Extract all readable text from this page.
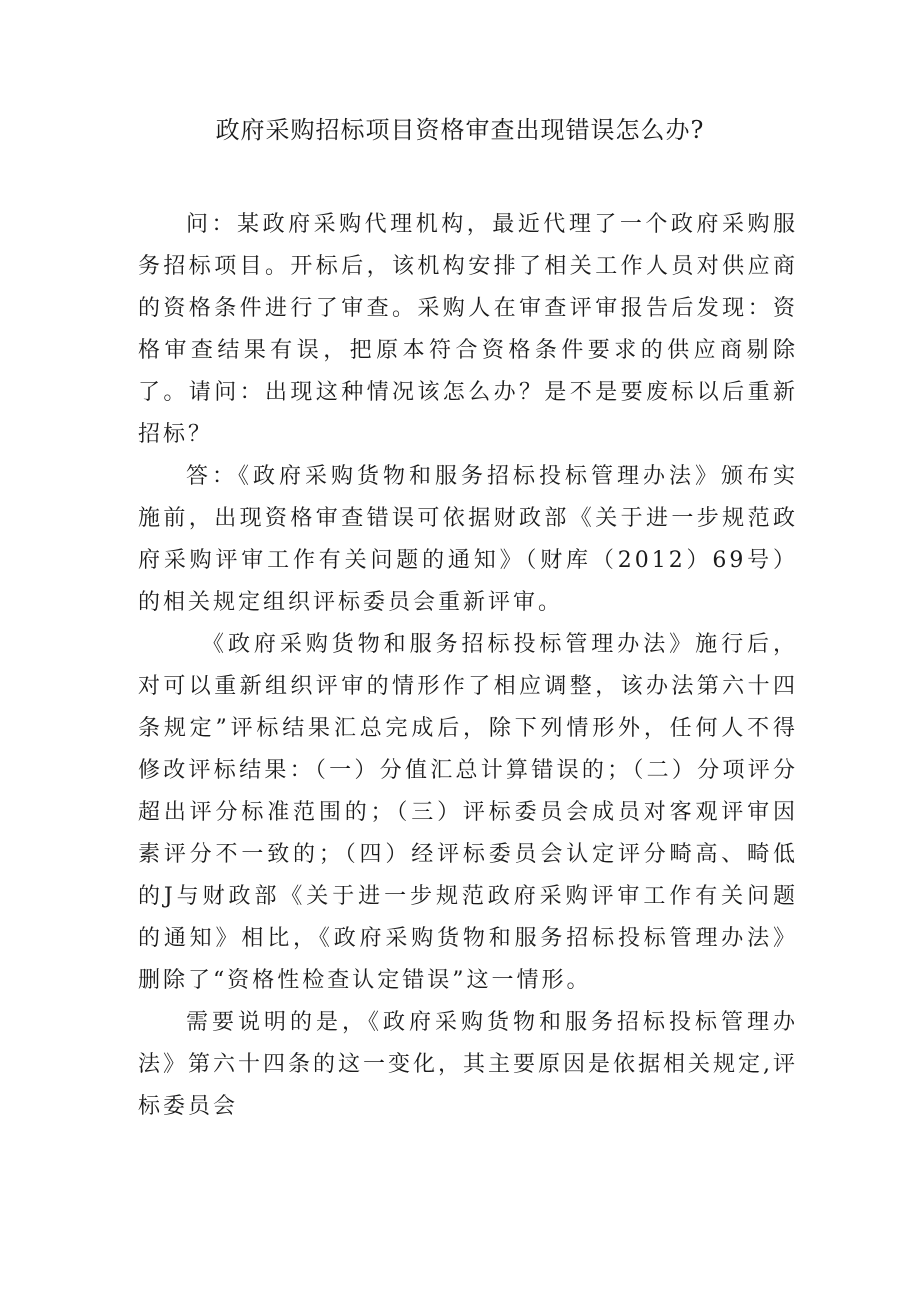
政府采购招标项目资格审查出现错误怎么办?

问：某政府采购代理机构，最近代理了一个政府采购服务招标项目。开标后，该机构安排了相关工作人员对供应商的资格条件进行了审查。采购人在审查评审报告后发现：资格审查结果有误，把原本符合资格条件要求的供应商剔除了。请问：出现这种情况该怎么办？是不是要废标以后重新招标？

答：《政府采购货物和服务招标投标管理办法》颁布实施前，出现资格审查错误可依据财政部《关于进一步规范政府采购评审工作有关问题的通知》（财库（2012）69号）的相关规定组织评标委员会重新评审。

《政府采购货物和服务招标投标管理办法》施行后，对可以重新组织评审的情形作了相应调整，该办法第六十四条规定”评标结果汇总完成后，除下列情形外，任何人不得修改评标结果：（一）分值汇总计算错误的；（二）分项评分超出评分标准范围的；（三）评标委员会成员对客观评审因素评分不一致的；（四）经评标委员会认定评分畸高、畸低的J与财政部《关于进一步规范政府采购评审工作有关问题的通知》相比，《政府采购货物和服务招标投标管理办法》删除了“资格性检查认定错误”这一情形。

需要说明的是，《政府采购货物和服务招标投标管理办法》第六十四条的这一变化，其主要原因是依据相关规定,评标委员会
